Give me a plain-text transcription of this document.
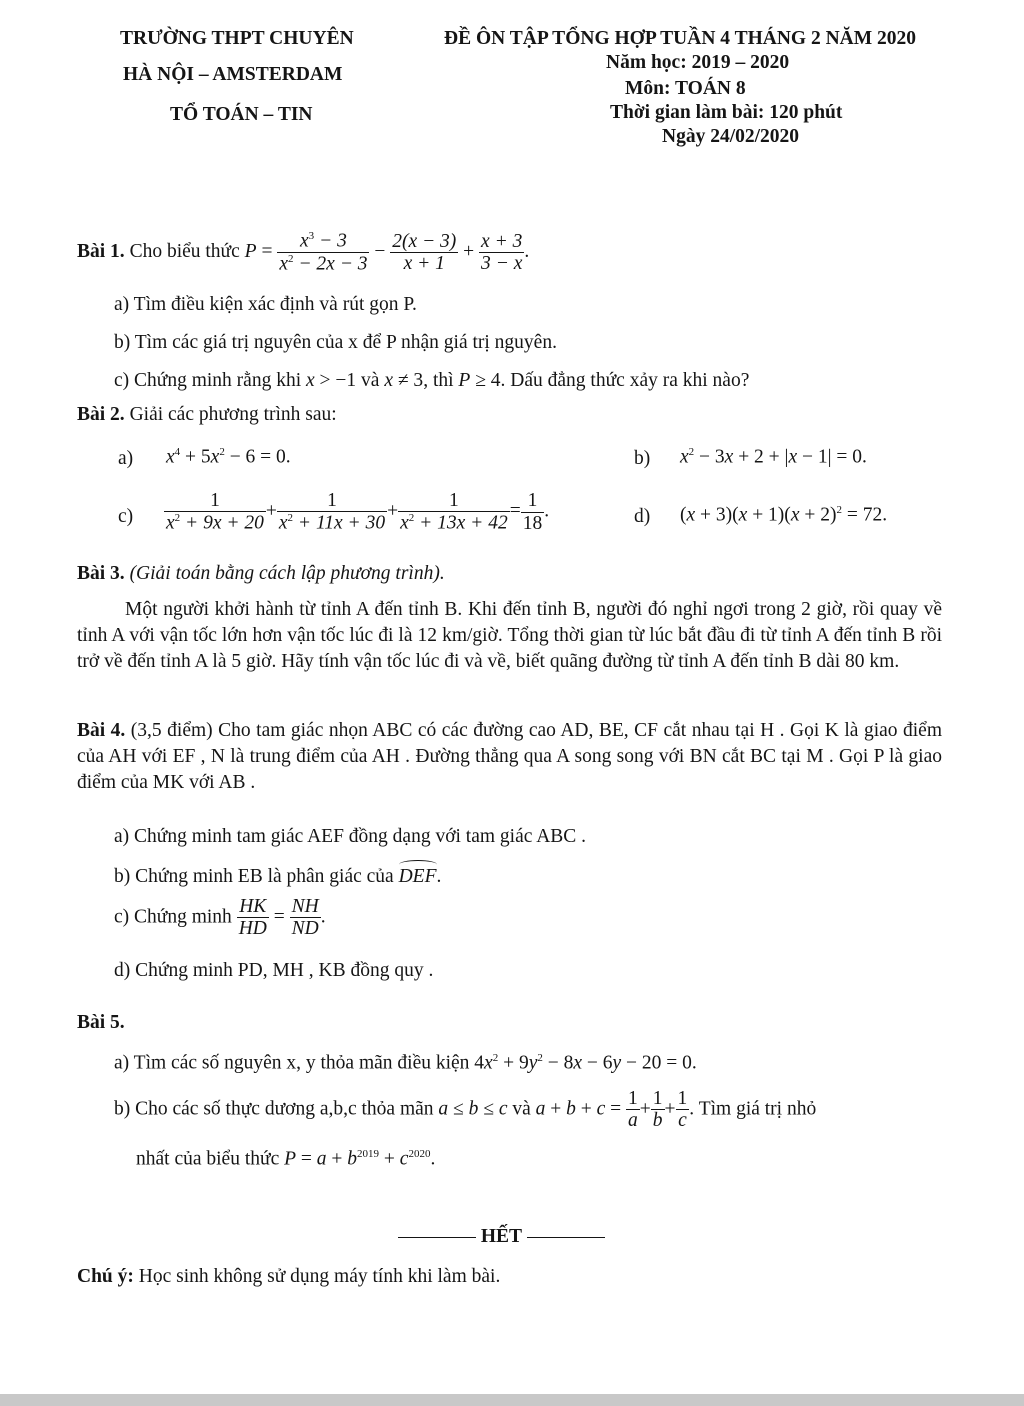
TRƯỜNG THPT CHUYÊN
HÀ NỘI – AMSTERDAM
TỔ TOÁN – TIN
ĐỀ ÔN TẬP TỔNG HỢP TUẦN 4 THÁNG 2 NĂM 2020
Năm học: 2019 – 2020
Môn: TOÁN 8
Thời gian làm bài: 120 phút
Ngày 24/02/2020
Bài 1. Cho biểu thức $P = \frac{x^3 - 3}{x^2 - 2x - 3} - \frac{2(x - 3)}{x + 1} + \frac{x + 3}{3 - x}$ .
a) Tìm điều kiện xác định và rút gọn P.
b) Tìm các giá trị nguyên của x để P nhận giá trị nguyên.
c) Chứng minh rằng khi x > −1 và x ≠ 3, thì P ≥ 4. Dấu đẳng thức xảy ra khi nào?
Bài 2. Giải các phương trình sau:
a) $x^4 + 5x^2 - 6 = 0$.	b) $x^2 - 3x + 2 + |x - 1| = 0$.
$c) \frac{1}{x^2 + 9x + 20} + \frac{1}{x^2 + 11x + 30} + \frac{1}{x^2 + 13x + 42} = \frac{1}{18}$ .	d) $(x + 3)(x + 1)(x + 2)^2 = 72$.
Bài 3. (Giải toán bằng cách lập phương trình).
Một người khởi hành từ tỉnh A đến tỉnh B. Khi đến tỉnh B, người đó nghỉ ngơi trong 2 giờ, rồi quay về tỉnh A với vận tốc lớn hơn vận tốc lúc đi là 12 km/giờ. Tổng thời gian từ lúc bắt đầu đi từ tỉnh A đến tỉnh B rồi trở về đến tỉnh A là 5 giờ. Hãy tính vận tốc lúc đi và về, biết quãng đường từ tỉnh A đến tỉnh B dài 80 km.
Bài 4. (3,5 điểm) Cho tam giác nhọn ABC có các đường cao AD, BE, CF cắt nhau tại H . Gọi K là giao điểm của AH với EF , N là trung điểm của AH . Đường thẳng qua A song song với BN cắt BC tại M . Gọi P là giao điểm của MK với AB .
a) Chứng minh tam giác AEF đồng dạng với tam giác ABC .
b) Chứng minh EB là phân giác của DEF.
c) Chứng minh $\frac{HK}{HD} = \frac{NH}{ND}$ .
d) Chứng minh PD, MH , KB đồng quy .
Bài 5.
a) Tìm các số nguyên x, y thỏa mãn điều kiện $4x^2 + 9y^2 - 8x - 6y - 20 = 0$.
b) Cho các số thực dương a,b,c thỏa mãn a ≤ b ≤ c và $a + b + c = \frac{1}{a} + \frac{1}{b} + \frac{1}{c}$ . Tìm giá trị nhỏ
nhất của biểu thức $P = a + b^{2019} + c^{2020}$.
HẾT
Chú ý: Học sinh không sử dụng máy tính khi làm bài.
